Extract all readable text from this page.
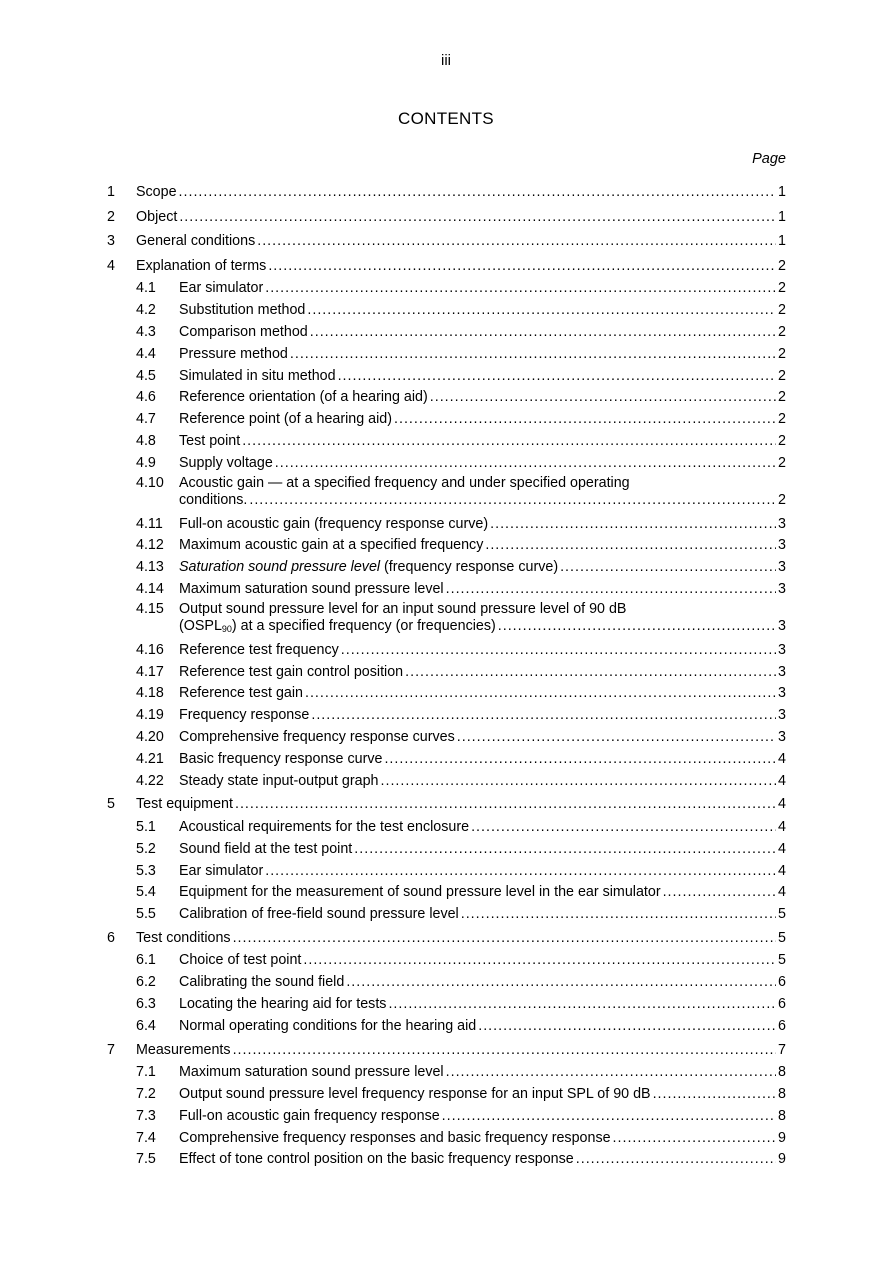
iii
CONTENTS
Page
1 Scope .....	1
2 Object .....	1
3 General conditions .....	1
4 Explanation of terms .....	2
4.1 Ear simulator .....	2
4.2 Substitution method .....	2
4.3 Comparison method .....	2
4.4 Pressure method .....	2
4.5 Simulated in situ method .....	2
4.6 Reference orientation (of a hearing aid) .....	2
4.7 Reference point (of a hearing aid) .....	2
4.8 Test point .....	2
4.9 Supply voltage .....	2
4.10 Acoustic gain — at a specified frequency and under specified operating
conditions. .....	2
4.11 Full-on acoustic gain (frequency response curve) .....	3
4.12 Maximum acoustic gain at a specified frequency .....	3
4.13 Saturation sound pressure level (frequency response curve) .....	3
4.14 Maximum saturation sound pressure level .....	3
4.15 Output sound pressure level for an input sound pressure level of 90 dB
$(OSPL_{90})$ at a specified frequency (or frequencies) .....	3
4.16 Reference test frequency .....	3
4.17 Reference test gain control position .....	3
4.18 Reference test gain .....	3
4.19 Frequency response .....	3
4.20 Comprehensive frequency response curves .....	3
4.21 Basic frequency response curve .....	4
4.22 Steady state input-output graph .....	4
5 Test equipment .....	4
5.1 Acoustical requirements for the test enclosure .....	4
5.2 Sound field at the test point .....	4
5.3 Ear simulator .....	4
5.4 Equipment for the measurement of sound pressure level in the ear simulator .....	4
5.5 Calibration of free-field sound pressure level .....	5
6 Test conditions .....	5
6.1 Choice of test point .....	5
6.2 Calibrating the sound field .....	6
6.3 Locating the hearing aid for tests .....	6
6.4 Normal operating conditions for the hearing aid .....	6
7 Measurements .....	7
7.1 Maximum saturation sound pressure level .....	8
7.2 Output sound pressure level frequency response for an input SPL of 90 dB .....	8
7.3 Full-on acoustic gain frequency response .....	8
7.4 Comprehensive frequency responses and basic frequency response .....	9
7.5 Effect of tone control position on the basic frequency response .....	9
